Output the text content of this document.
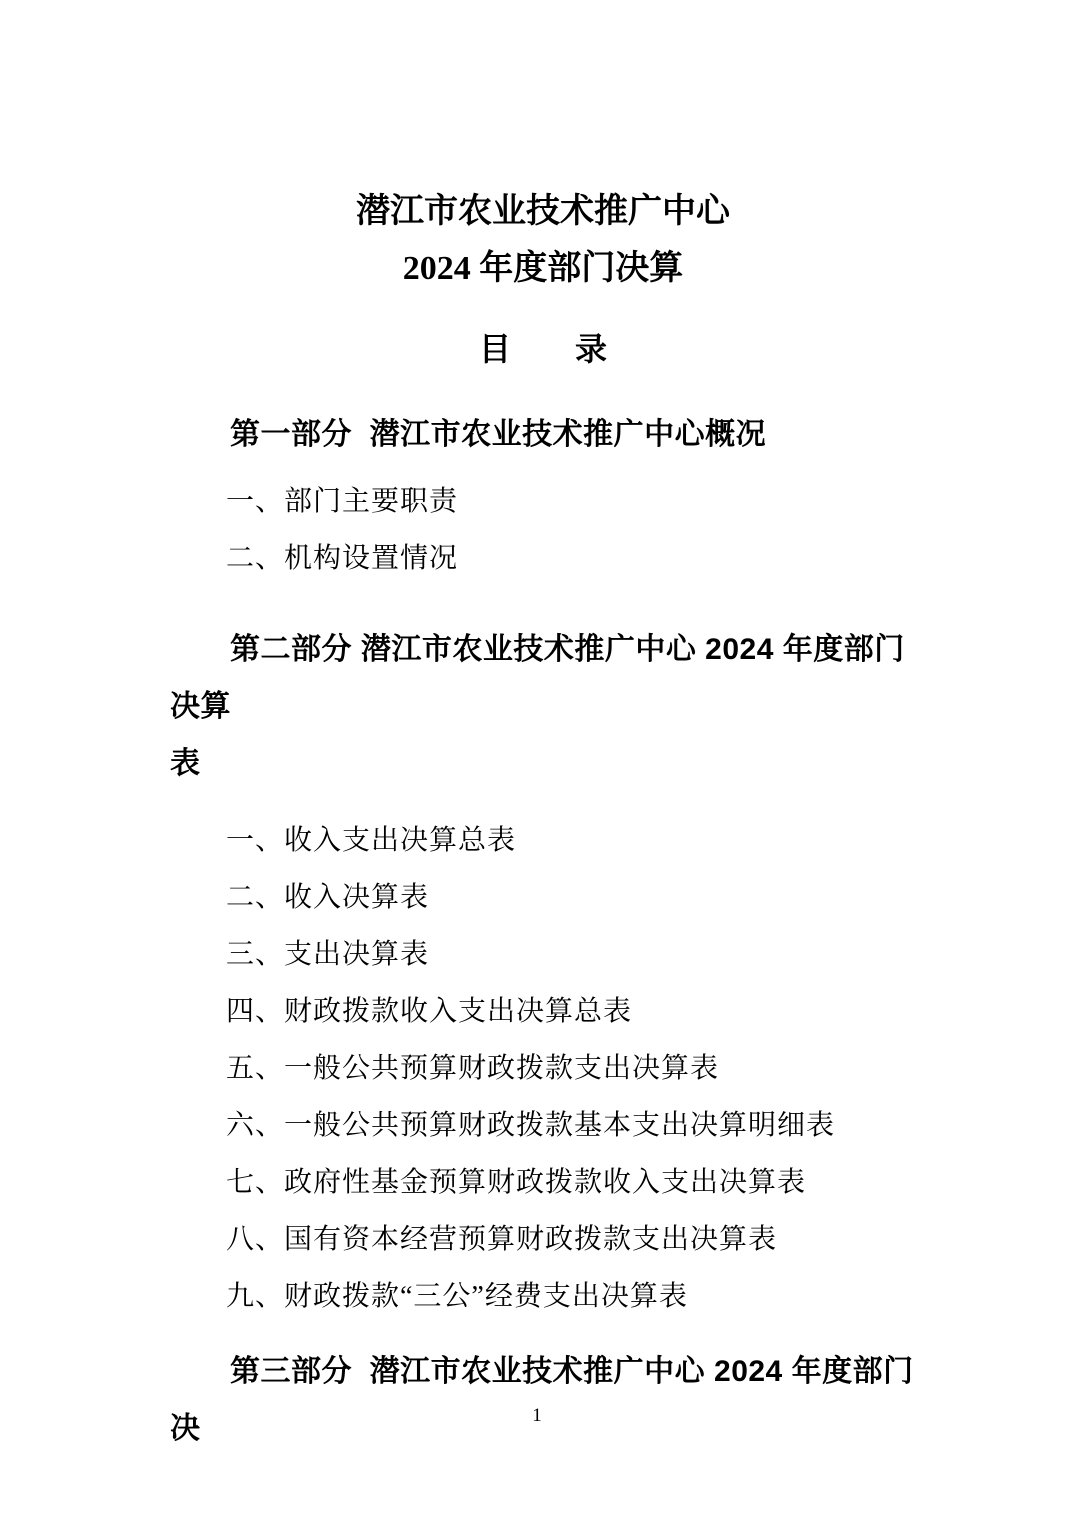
潜江市农业技术推广中心
2024 年度部门决算
目　　录
第一部分  潜江市农业技术推广中心概况
一、部门主要职责
二、机构设置情况
第二部分 潜江市农业技术推广中心 2024 年度部门决算
表
一、收入支出决算总表
二、收入决算表
三、支出决算表
四、财政拨款收入支出决算总表
五、一般公共预算财政拨款支出决算表
六、一般公共预算财政拨款基本支出决算明细表
七、政府性基金预算财政拨款收入支出决算表
八、国有资本经营预算财政拨款支出决算表
九、财政拨款“三公”经费支出决算表
第三部分  潜江市农业技术推广中心 2024 年度部门决	1
